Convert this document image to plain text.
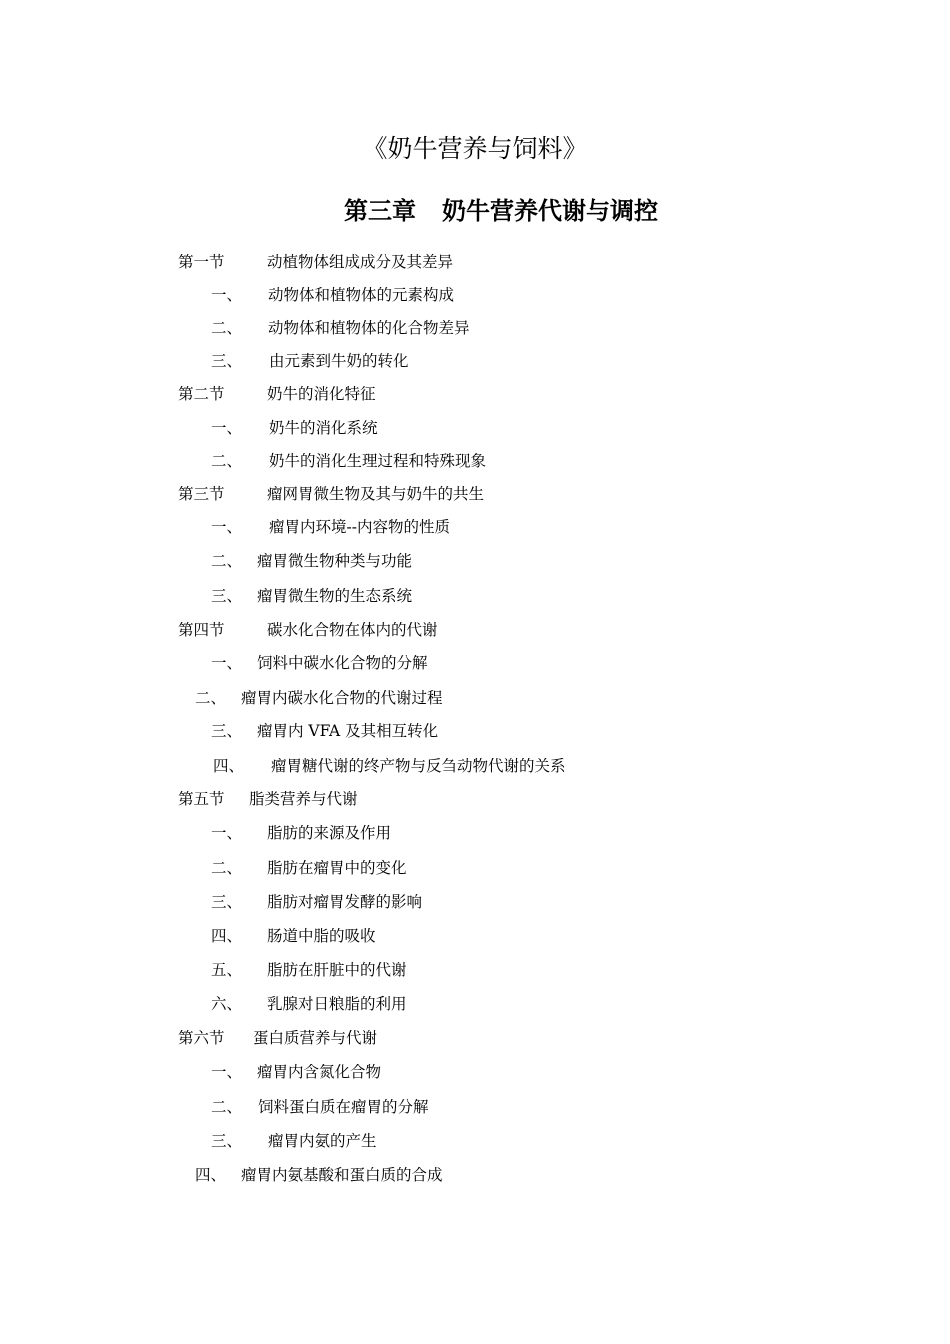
《奶牛营养与饲料》
第三章 奶牛营养代谢与调控
第一节	动植物体组成成分及其差异
一、 动物体和植物体的元素构成
二、 动物体和植物体的化合物差异
三、 由元素到牛奶的转化
第二节	奶牛的消化特征
一、 奶牛的消化系统
二、 奶牛的消化生理过程和特殊现象
第三节	瘤网胃微生物及其与奶牛的共生
一、 瘤胃内环境--内容物的性质
二、 瘤胃微生物种类与功能
三、 瘤胃微生物的生态系统
第四节	碳水化合物在体内的代谢
一、 饲料中碳水化合物的分解
二、 瘤胃内碳水化合物的代谢过程
三、 瘤胃内 VFA 及其相互转化
四、 瘤胃糖代谢的终产物与反刍动物代谢的关系
第五节 脂类营养与代谢
一、 脂肪的来源及作用
二、 脂肪在瘤胃中的变化
三、 脂肪对瘤胃发酵的影响
四、 肠道中脂的吸收
五、 脂肪在肝脏中的代谢
六、 乳腺对日粮脂的利用
第六节 蛋白质营养与代谢
一、 瘤胃内含氮化合物
二、 饲料蛋白质在瘤胃的分解
三、 瘤胃内氨的产生
四、 瘤胃内氨基酸和蛋白质的合成
